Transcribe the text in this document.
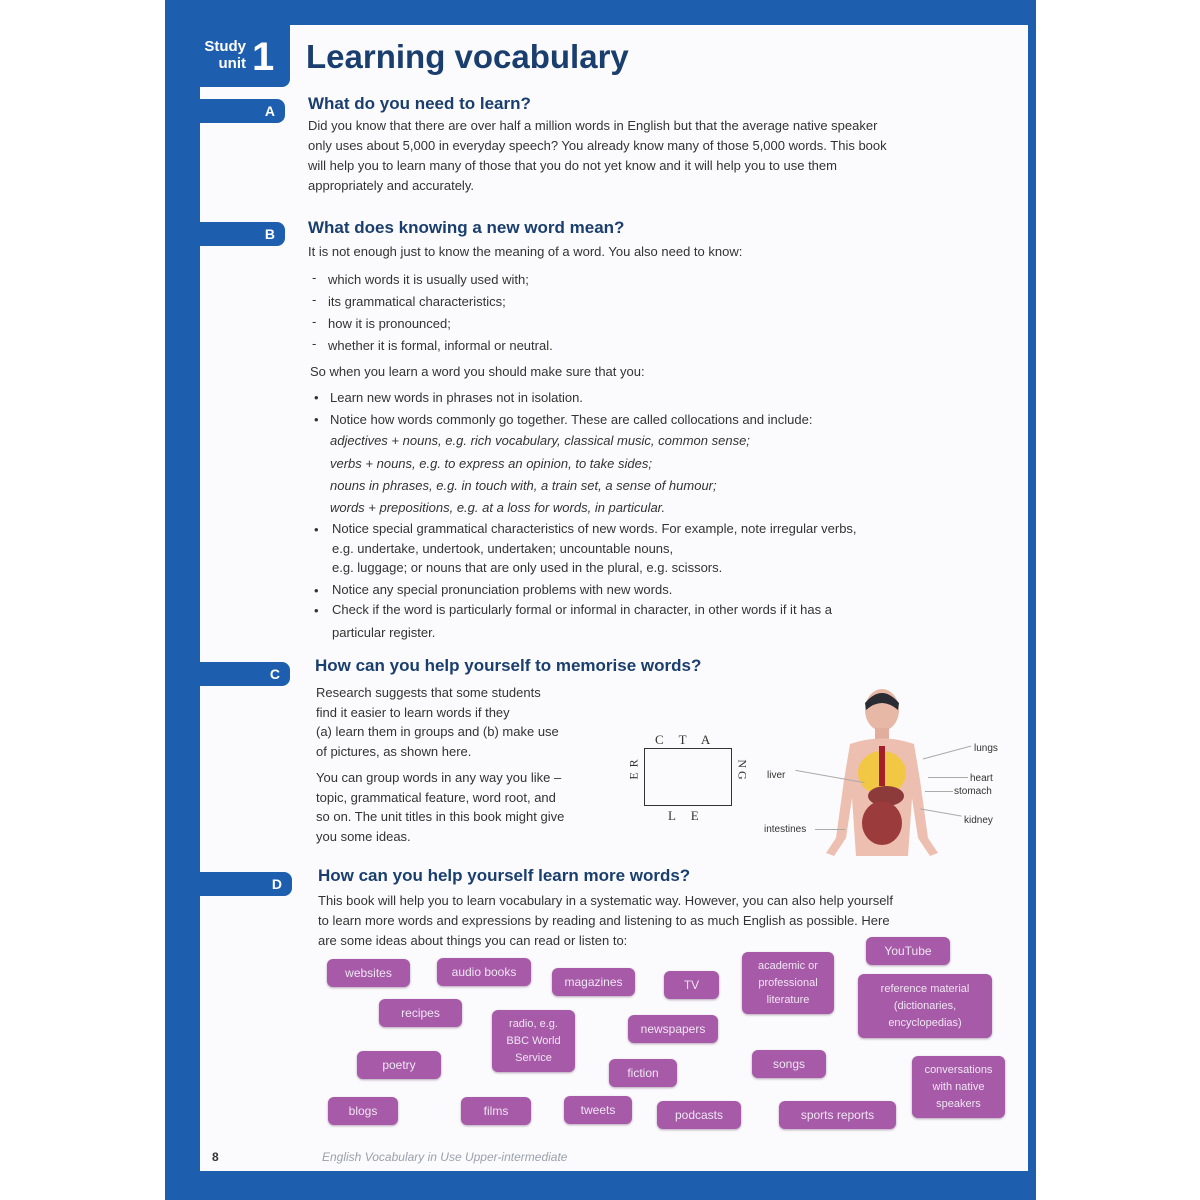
Study
unit 1 Learning vocabulary
A	What do you need to learn?
Did you know that there are over half a million words in English but that the average native speaker
only uses about 5,000 in everyday speech? You already know many of those 5,000 words. This book
will help you to learn many of those that you do not yet know and it will help you to use them
appropriately and accurately.
B	What does knowing a new word mean?
It is not enough just to know the meaning of a word. You also need to know:
- which words it is usually used with;
- its grammatical characteristics;
- how it is pronounced;
- whether it is formal, informal or neutral.
So when you learn a word you should make sure that you:
• Learn new words in phrases not in isolation.
• Notice how words commonly go together. These are called collocations and include:
adjectives + nouns, e.g. rich vocabulary, classical music, common sense;
verbs + nouns, e.g. to express an opinion, to take sides;
nouns in phrases, e.g. in touch with, a train set, a sense of humour;
words + prepositions, e.g. at a loss for words, in particular.
• Notice special grammatical characteristics of new words. For example, note irregular verbs,
e.g. undertake, undertook, undertaken; uncountable nouns,
e.g. luggage; or nouns that are only used in the plural, e.g. scissors.
• Notice any special pronunciation problems with new words.
• Check if the word is particularly formal or informal in character, in other words if it has a
particular register.
C	How can you help yourself to memorise words?
Research suggests that some students
find it easier to learn words if they
(a) learn them in groups and (b) make use
of pictures, as shown here.
You can group words in any way you like –
topic, grammatical feature, word root, and
so on. The unit titles in this book might give
you some ideas.
C T A
L E
E  R	N G
lungs
liver	heart
stomach
kidney
intestines
D	How can you help yourself learn more words?
This book will help you to learn vocabulary in a systematic way. However, you can also help yourself
to learn more words and expressions by reading and listening to as much English as possible. Here
are some ideas about things you can read or listen to:
websites	audio books
magazines	TV
academic or professional literature
YouTube
reference material (dictionaries, encyclopedias)
recipes
radio, e.g. BBC World Service
newspapers
poetry
fiction
songs	conversations with native speakers
blogs	films	tweets	podcasts	sports reports
8	English Vocabulary in Use Upper-intermediate
